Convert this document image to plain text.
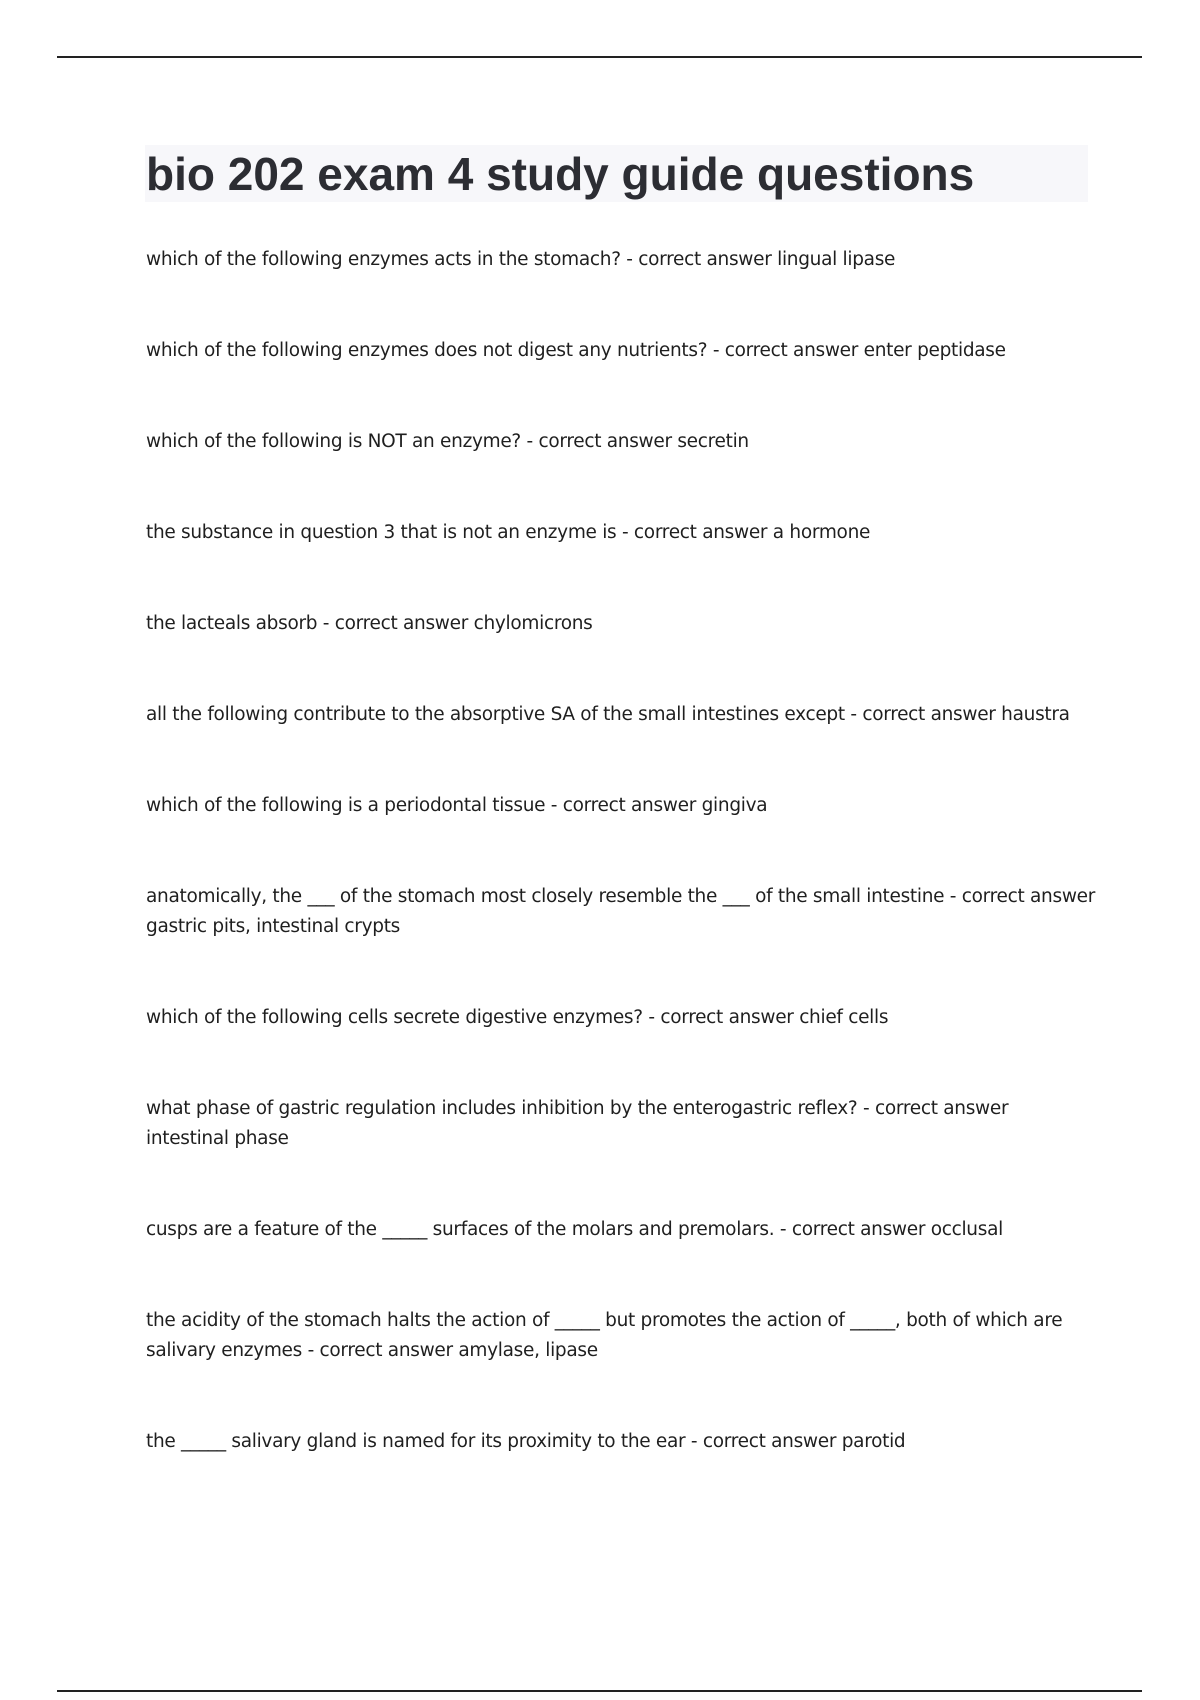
bio 202 exam 4 study guide questions

which of the following enzymes acts in the stomach? - correct answer lingual lipase

which of the following enzymes does not digest any nutrients? - correct answer enter peptidase

which of the following is NOT an enzyme? - correct answer secretin

the substance in question 3 that is not an enzyme is - correct answer a hormone

the lacteals absorb - correct answer chylomicrons

all the following contribute to the absorptive SA of the small intestines except - correct answer haustra

which of the following is a periodontal tissue - correct answer gingiva

anatomically, the ___ of the stomach most closely resemble the ___ of the small intestine - correct answer gastric pits, intestinal crypts

which of the following cells secrete digestive enzymes? - correct answer chief cells

what phase of gastric regulation includes inhibition by the enterogastric reflex? - correct answer intestinal phase

cusps are a feature of the _____ surfaces of the molars and premolars. - correct answer occlusal

the acidity of the stomach halts the action of _____ but promotes the action of _____, both of which are salivary enzymes - correct answer amylase, lipase

the _____ salivary gland is named for its proximity to the ear - correct answer parotid
